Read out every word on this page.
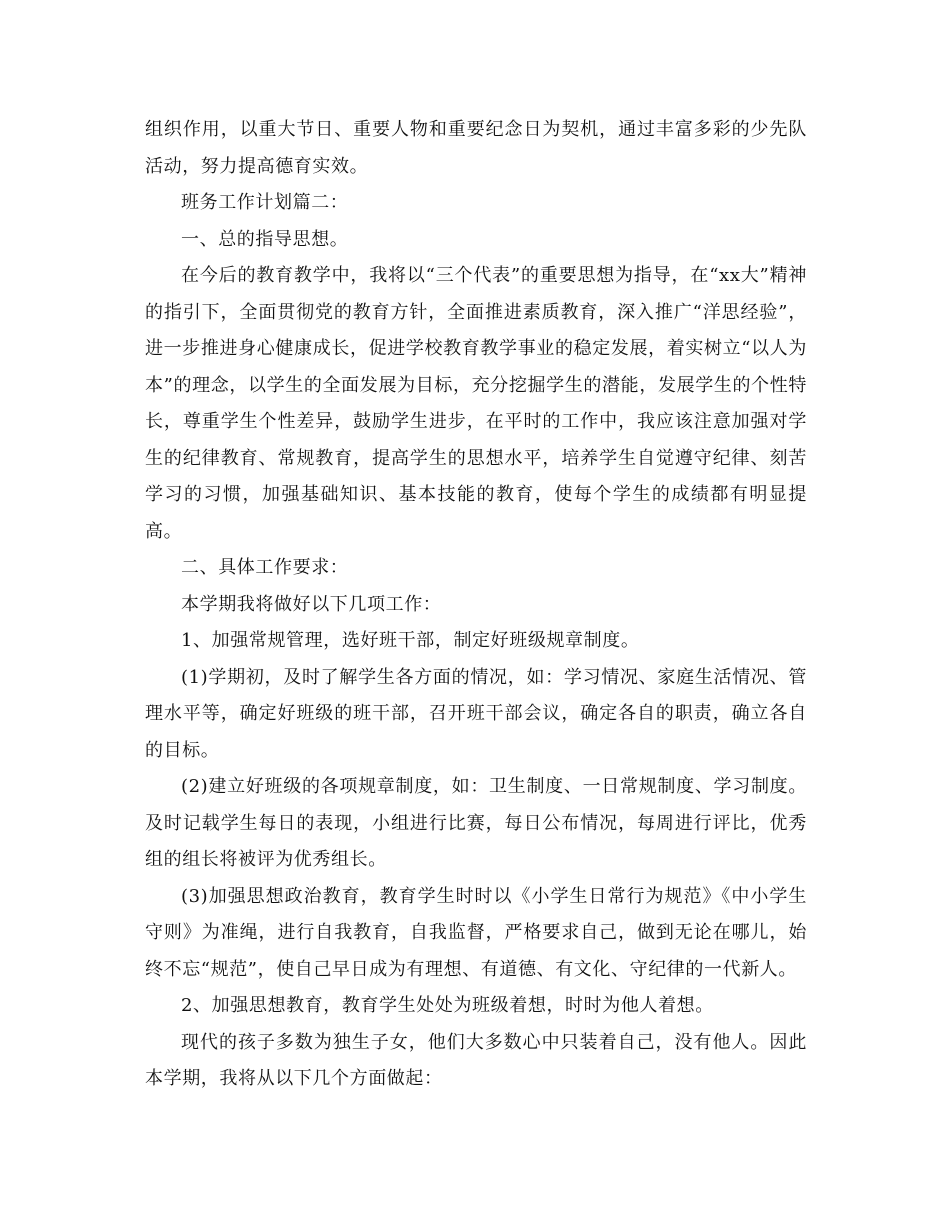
组织作用，以重大节日、重要人物和重要纪念日为契机，通过丰富多彩的少先队活动，努力提高德育实效。

班务工作计划篇二：

一、总的指导思想。

在今后的教育教学中，我将以“三个代表”的重要思想为指导，在“xx大”精神的指引下，全面贯彻党的教育方针，全面推进素质教育，深入推广“洋思经验”，进一步推进身心健康成长，促进学校教育教学事业的稳定发展，着实树立“以人为本”的理念，以学生的全面发展为目标，充分挖掘学生的潜能，发展学生的个性特长，尊重学生个性差异，鼓励学生进步，在平时的工作中，我应该注意加强对学生的纪律教育、常规教育，提高学生的思想水平，培养学生自觉遵守纪律、刻苦学习的习惯，加强基础知识、基本技能的教育，使每个学生的成绩都有明显提高。

二、具体工作要求：

本学期我将做好以下几项工作：

1、加强常规管理，选好班干部，制定好班级规章制度。

(1)学期初，及时了解学生各方面的情况，如：学习情况、家庭生活情况、管理水平等，确定好班级的班干部，召开班干部会议，确定各自的职责，确立各自的目标。

(2)建立好班级的各项规章制度，如：卫生制度、一日常规制度、学习制度。及时记载学生每日的表现，小组进行比赛，每日公布情况，每周进行评比，优秀组的组长将被评为优秀组长。

(3)加强思想政治教育，教育学生时时以《小学生日常行为规范》《中小学生守则》为准绳，进行自我教育，自我监督，严格要求自己，做到无论在哪儿，始终不忘“规范”，使自己早日成为有理想、有道德、有文化、守纪律的一代新人。

2、加强思想教育，教育学生处处为班级着想，时时为他人着想。

现代的孩子多数为独生子女，他们大多数心中只装着自己，没有他人。因此本学期，我将从以下几个方面做起：
